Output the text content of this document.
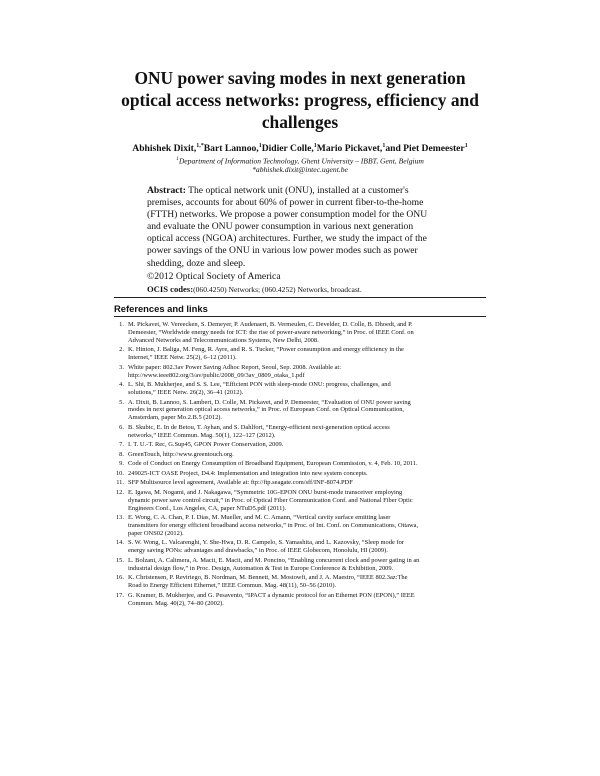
ONU power saving modes in next generation
optical access networks: progress, efficiency and
challenges
Abhishek Dixit,$^{1,*}$Bart Lannoo,$^1$Didier Colle,$^1$Mario Pickavet,$^1$and Piet Demeester$^1$
$^1$Department of Information Technology, Ghent University – IBBT, Gent, Belgium
*abhishek.dixit@intec.ugent.be
Abstract: The optical network unit (ONU), installed at a customer's
premises, accounts for about 60% of power in current fiber-to-the-home
(FTTH) networks. We propose a power consumption model for the ONU
and evaluate the ONU power consumption in various next generation
optical access (NGOA) architectures. Further, we study the impact of the
power savings of the ONU in various low power modes such as power
shedding, doze and sleep.
©2012 Optical Society of America
OCIS codes:(060.4250) Networks; (060.4252) Networks, broadcast.
References and links
1. M. Pickavet, W. Vereecken, S. Demeyer, P. Audenaert, B. Vermeulen, C. Develder, D. Colle, B. Dhoedt, and P.
Demeester, “Worldwide energy needs for ICT: the rise of power-aware networking,” in Proc. of IEEE Conf. on
Advanced Networks and Telecommunications Systems, New Delhi, 2008.
2. K. Hinton, J. Baliga, M. Feng, R. Ayre, and R. S. Tucker, “Power consumption and energy efficiency in the
Internet,” IEEE Netw. 25(2), 6–12 (2011).
3. White paper: 802.3av Power Saving Adhoc Report, Seoul, Sep. 2008. Available at:
http://www.ieee802.org/3/av/public/2008_09/3av_0809_otaka_1.pdf
4. L. Shi, B. Mukherjee, and S. S. Lee, “Efficient PON with sleep-mode ONU: progress, challenges, and
solutions,” IEEE Netw. 26(2), 36–41 (2012).
5. A. Dixit, B. Lannoo, S. Lambert, D. Colle, M. Pickavet, and P. Demeester, “Evaluation of ONU power saving
modes in next generation optical access networks,” in Proc. of European Conf. on Optical Communication,
Amsterdam, paper Mo.2.B.5 (2012).
6. B. Skubic, E. In de Betou, T. Ayhan, and S. Dahlfort, “Energy-efficient next-generation optical access
networks,” IEEE Commun. Mag. 50(1), 122–127 (2012).
7. I. T. U.-T. Rec, G.Sup45, GPON Power Conservation, 2009.
8. GreenTouch, http://www.greentouch.org.
9. Code of Conduct on Energy Consumption of Broadband Equipment, European Commission, v. 4, Feb. 10, 2011.
10. 249025-ICT OASE Project, D4.4: Implementation and integration into new system concepts.
11. SFP Multisource level agreement, Available at: ftp://ftp.seagate.com/sff/INF-8074.PDF
12. E. Igawa, M. Nogami, and J. Nakagawa, “Symmetric 10G-EPON ONU burst-mode transceiver employing
dynamic power save control circuit,” in Proc. of Optical Fiber Communication Conf. and National Fiber Optic
Engineers Conf., Los Angeles, CA, paper NTuD5.pdf (2011).
13. E. Wong, C. A. Chan, P. I. Dias, M. Mueller, and M. C. Amann, “Vertical cavity surface emitting laser
transmitters for energy efficient broadband access networks,” in Proc. of Int. Conf. on Communications, Ottawa,
paper ONS02 (2012).
14. S. W. Wong, L. Valcarenghi, Y. She-Hwa, D. R. Campelo, S. Yamashita, and L. Kazovsky, “Sleep mode for
energy saving PONs: advantages and drawbacks,” in Proc. of IEEE Globecom, Honolulu, HI (2009).
15. L. Bolzani, A. Calimera, A. Macii, E. Macii, and M. Poncino, “Enabling concurrent clock and power gating in an
industrial design flow,” in Proc. Design, Automation & Test in Europe Conference & Exhibition, 2009.
16. K. Christensen, P. Reviriego, B. Nordman, M. Bennett, M. Mostowfi, and J. A. Maestro, “IEEE 802.3az:The
Road to Energy Efficient Ethernet,” IEEE Commun. Mag. 48(11), 50–56 (2010).
17. G. Kramer, B. Mukherjee, and G. Pesavento, “IPACT a dynamic protocol for an Ethernet PON (EPON),” IEEE
Commun. Mag. 40(2), 74–80 (2002).
